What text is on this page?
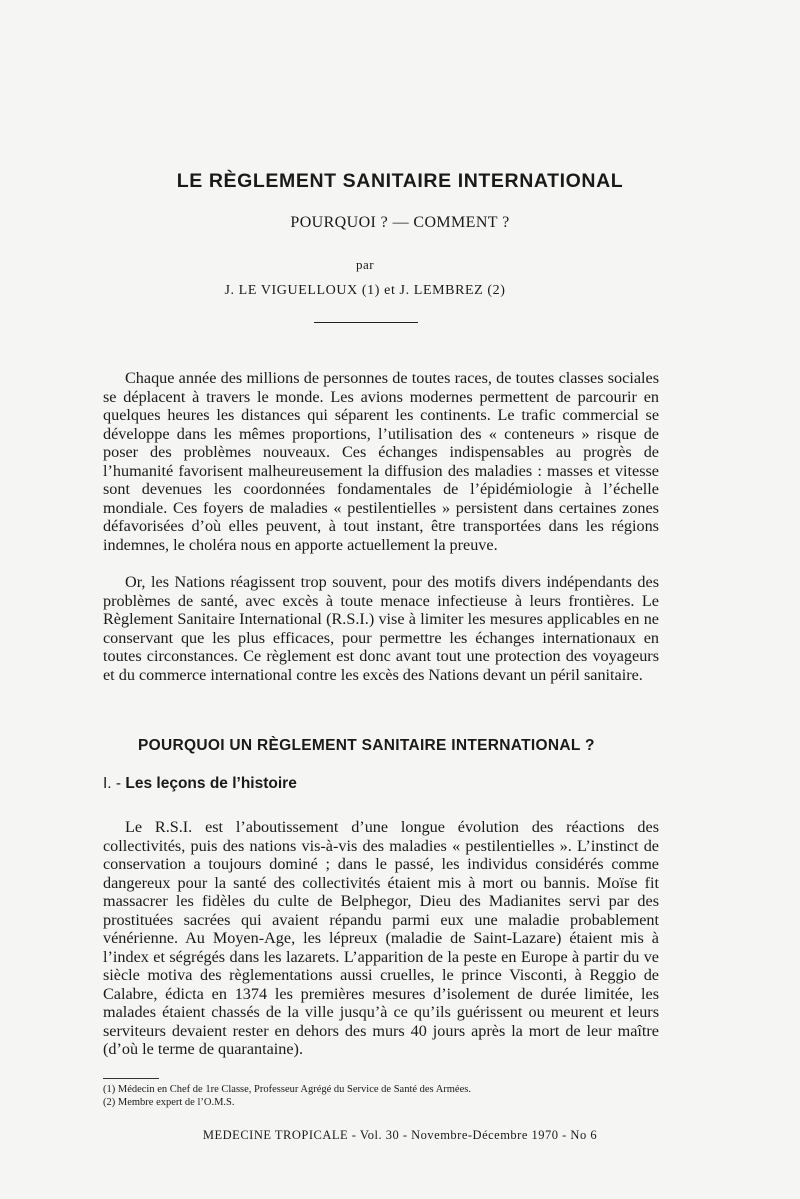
LE RÈGLEMENT SANITAIRE INTERNATIONAL
POURQUOI ? — COMMENT ?
par
J. LE VIGUELLOUX (1) et J. LEMBREZ (2)

Chaque année des millions de personnes de toutes races, de toutes classes sociales se déplacent à travers le monde. Les avions modernes permettent de parcourir en quelques heures les distances qui séparent les continents. Le trafic commercial se développe dans les mêmes proportions, l’utilisation des « conteneurs » risque de poser des problèmes nouveaux. Ces échanges indispensables au progrès de l’humanité favorisent malheureusement la diffusion des maladies : masses et vitesse sont devenues les coordonnées fondamentales de l’épidémiologie à l’échelle mondiale. Ces foyers de maladies « pestilentielles » persistent dans certaines zones défavorisées d’où elles peuvent, à tout instant, être transportées dans les régions indemnes, le choléra nous en apporte actuellement la preuve.

Or, les Nations réagissent trop souvent, pour des motifs divers indépendants des problèmes de santé, avec excès à toute menace infectieuse à leurs frontières. Le Règlement Sanitaire International (R.S.I.) vise à limiter les mesures applicables en ne conservant que les plus efficaces, pour permettre les échanges internationaux en toutes circonstances. Ce règlement est donc avant tout une protection des voyageurs et du commerce international contre les excès des Nations devant un péril sanitaire.

POURQUOI UN RÈGLEMENT SANITAIRE INTERNATIONAL ?
I. - Les leçons de l’histoire

Le R.S.I. est l’aboutissement d’une longue évolution des réactions des collectivités, puis des nations vis-à-vis des maladies « pestilentielles ». L’instinct de conservation a toujours dominé ; dans le passé, les individus considérés comme dangereux pour la santé des collectivités étaient mis à mort ou bannis. Moïse fit massacrer les fidèles du culte de Belphegor, Dieu des Madianites servi par des prostituées sacrées qui avaient répandu parmi eux une maladie probablement vénérienne. Au Moyen-Age, les lépreux (maladie de Saint-Lazare) étaient mis à l’index et ségrégés dans les lazarets. L’apparition de la peste en Europe à partir du ve siècle motiva des règlementations aussi cruelles, le prince Visconti, à Reggio de Calabre, édicta en 1374 les premières mesures d’isolement de durée limitée, les malades étaient chassés de la ville jusqu’à ce qu’ils guérissent ou meurent et leurs serviteurs devaient rester en dehors des murs 40 jours après la mort de leur maître (d’où le terme de quarantaine).

(1) Médecin en Chef de 1re Classe, Professeur Agrégé du Service de Santé des Armées.
(2) Membre expert de l’O.M.S.
MEDECINE TROPICALE - Vol. 30 - Novembre-Décembre 1970 - No 6
